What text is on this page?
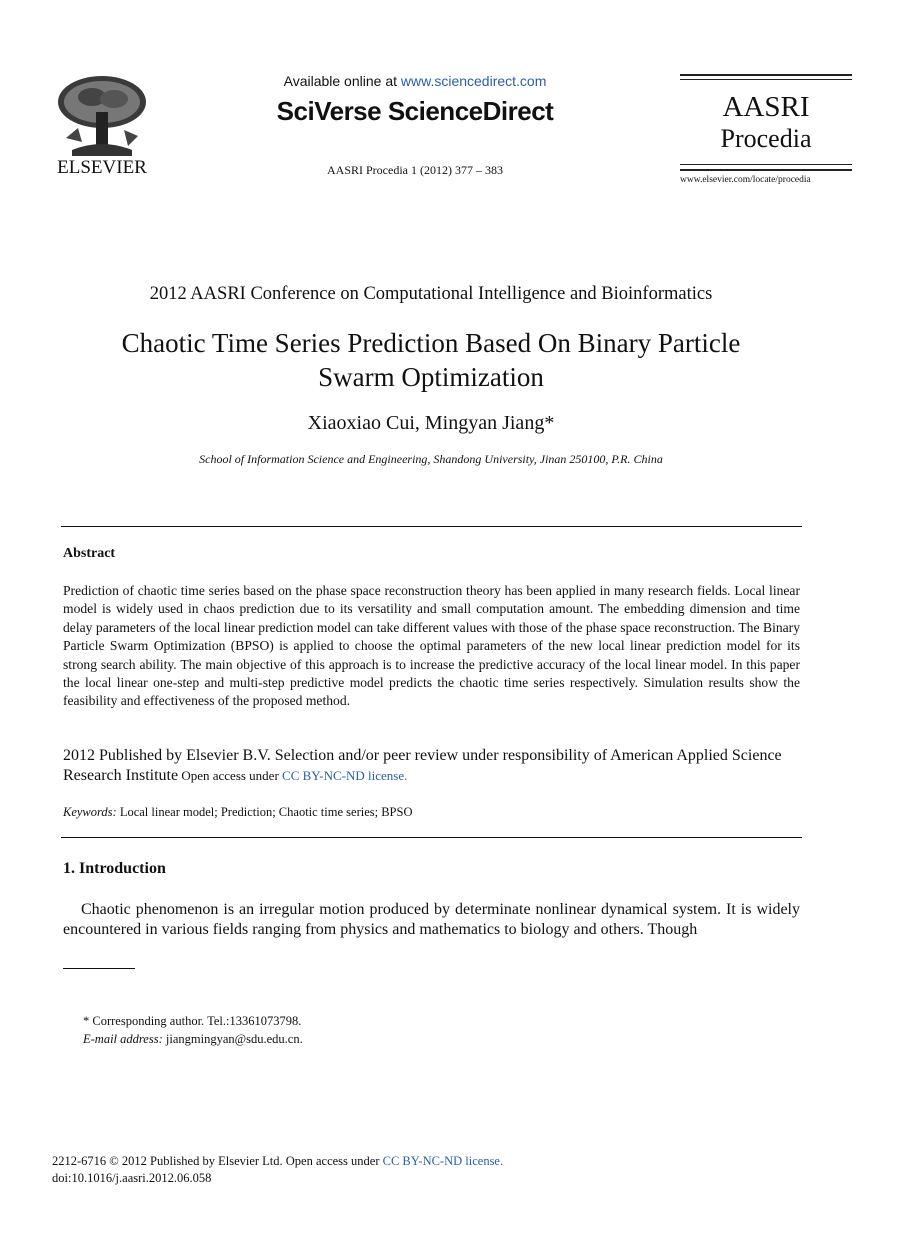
ELSEVIER
Available online at www.sciencedirect.com
SciVerse ScienceDirect
AASRI Procedia 1 (2012) 377 – 383
AASRI
Procedia
www.elsevier.com/locate/procedia
2012 AASRI Conference on Computational Intelligence and Bioinformatics
Chaotic Time Series Prediction Based On Binary Particle
Swarm Optimization
Xiaoxiao Cui, Mingyan Jiang*
School of Information Science and Engineering, Shandong University, Jinan 250100, P.R. China
Abstract
Prediction of chaotic time series based on the phase space reconstruction theory has been applied in many research fields. Local linear model is widely used in chaos prediction due to its versatility and small computation amount. The embedding dimension and time delay parameters of the local linear prediction model can take different values with those of the phase space reconstruction. The Binary Particle Swarm Optimization (BPSO) is applied to choose the optimal parameters of the new local linear prediction model for its strong search ability. The main objective of this approach is to increase the predictive accuracy of the local linear model. In this paper the local linear one-step and multi-step predictive model predicts the chaotic time series respectively. Simulation results show the feasibility and effectiveness of the proposed method.
2012 Published by Elsevier B.V. Selection and/or peer review under responsibility of American Applied Science Research Institute Open access under CC BY-NC-ND license.
Keywords: Local linear model; Prediction; Chaotic time series; BPSO
1. Introduction
Chaotic phenomenon is an irregular motion produced by determinate nonlinear dynamical system. It is widely encountered in various fields ranging from physics and mathematics to biology and others. Though
* Corresponding author. Tel.:13361073798.
E-mail address: jiangmingyan@sdu.edu.cn.
2212-6716 © 2012 Published by Elsevier Ltd. Open access under CC BY-NC-ND license.
doi:10.1016/j.aasri.2012.06.058
